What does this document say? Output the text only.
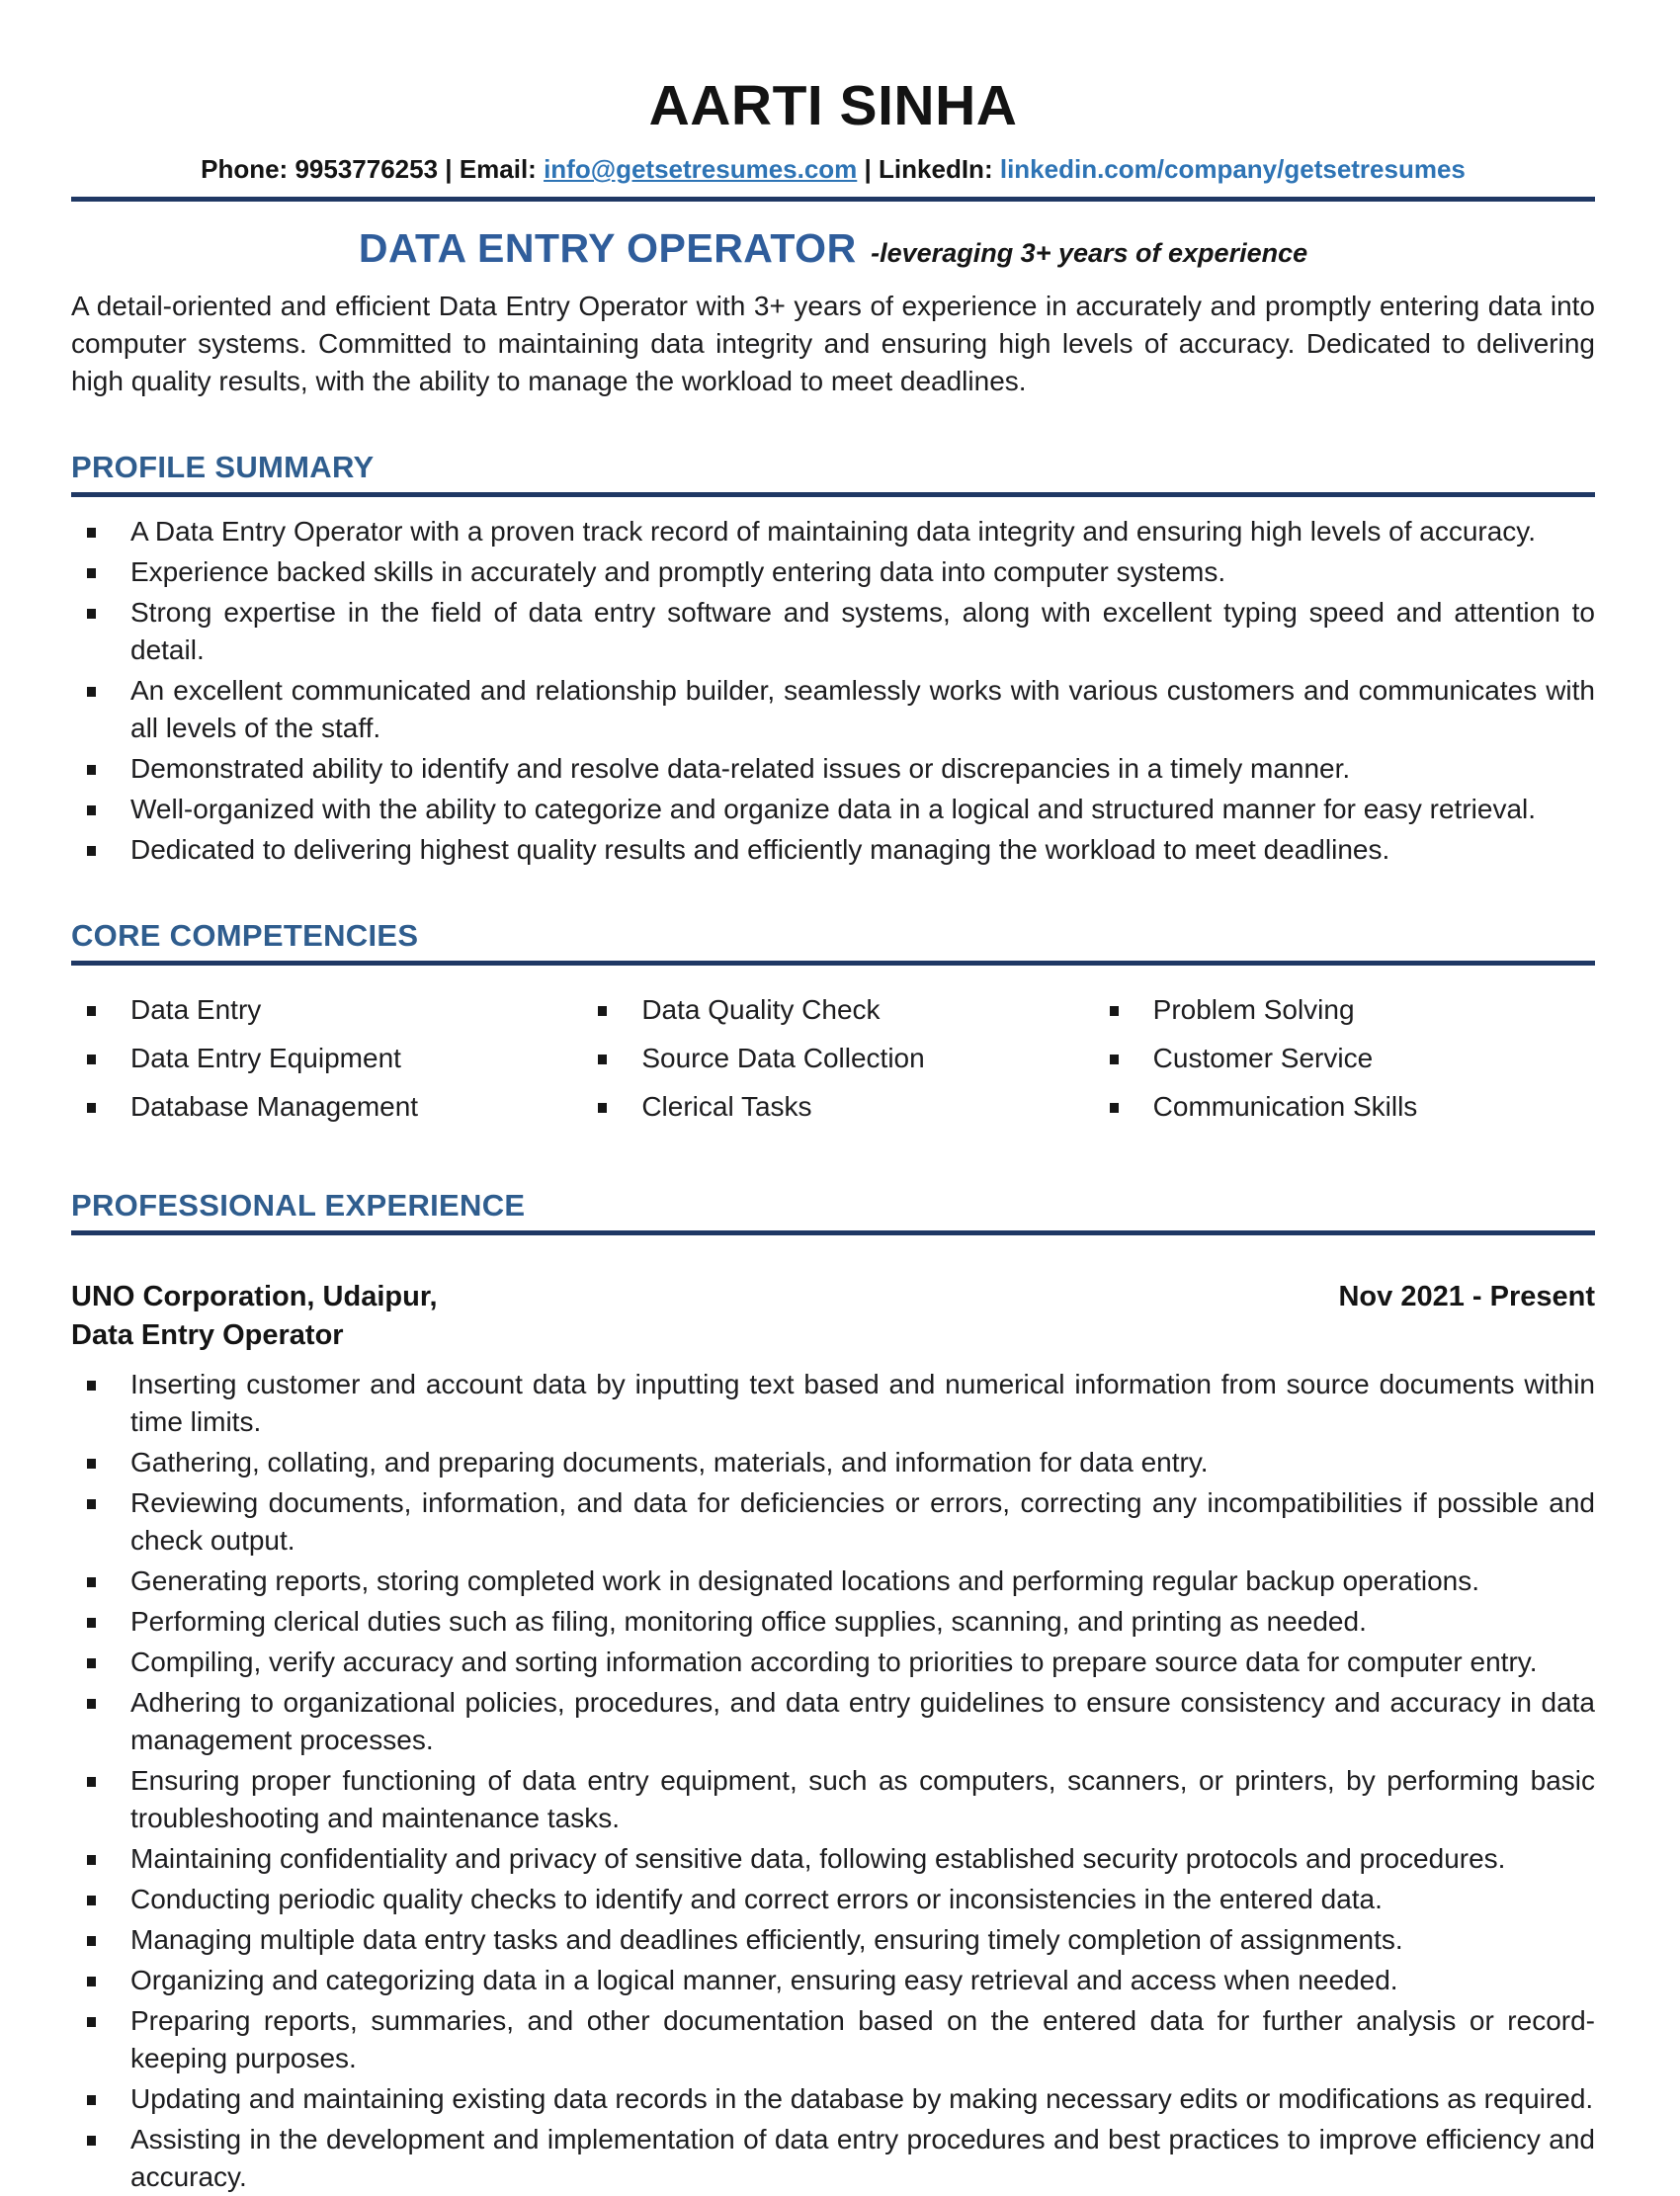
AARTI SINHA
Phone: 9953776253 | Email: info@getsetresumes.com | LinkedIn: linkedin.com/company/getsetresumes
DATA ENTRY OPERATOR -leveraging 3+ years of experience
A detail-oriented and efficient Data Entry Operator with 3+ years of experience in accurately and promptly entering data into computer systems. Committed to maintaining data integrity and ensuring high levels of accuracy. Dedicated to delivering high quality results, with the ability to manage the workload to meet deadlines.
PROFILE SUMMARY
A Data Entry Operator with a proven track record of maintaining data integrity and ensuring high levels of accuracy.
Experience backed skills in accurately and promptly entering data into computer systems.
Strong expertise in the field of data entry software and systems, along with excellent typing speed and attention to detail.
An excellent communicated and relationship builder, seamlessly works with various customers and communicates with all levels of the staff.
Demonstrated ability to identify and resolve data-related issues or discrepancies in a timely manner.
Well-organized with the ability to categorize and organize data in a logical and structured manner for easy retrieval.
Dedicated to delivering highest quality results and efficiently managing the workload to meet deadlines.
CORE COMPETENCIES
Data Entry
Data Entry Equipment
Database Management
Data Quality Check
Source Data Collection
Clerical Tasks
Problem Solving
Customer Service
Communication Skills
PROFESSIONAL EXPERIENCE
UNO Corporation, Udaipur,	Nov 2021 - Present
Data Entry Operator
Inserting customer and account data by inputting text based and numerical information from source documents within time limits.
Gathering, collating, and preparing documents, materials, and information for data entry.
Reviewing documents, information, and data for deficiencies or errors, correcting any incompatibilities if possible and check output.
Generating reports, storing completed work in designated locations and performing regular backup operations.
Performing clerical duties such as filing, monitoring office supplies, scanning, and printing as needed.
Compiling, verify accuracy and sorting information according to priorities to prepare source data for computer entry.
Adhering to organizational policies, procedures, and data entry guidelines to ensure consistency and accuracy in data management processes.
Ensuring proper functioning of data entry equipment, such as computers, scanners, or printers, by performing basic troubleshooting and maintenance tasks.
Maintaining confidentiality and privacy of sensitive data, following established security protocols and procedures.
Conducting periodic quality checks to identify and correct errors or inconsistencies in the entered data.
Managing multiple data entry tasks and deadlines efficiently, ensuring timely completion of assignments.
Organizing and categorizing data in a logical manner, ensuring easy retrieval and access when needed.
Preparing reports, summaries, and other documentation based on the entered data for further analysis or record-keeping purposes.
Updating and maintaining existing data records in the database by making necessary edits or modifications as required.
Assisting in the development and implementation of data entry procedures and best practices to improve efficiency and accuracy.
